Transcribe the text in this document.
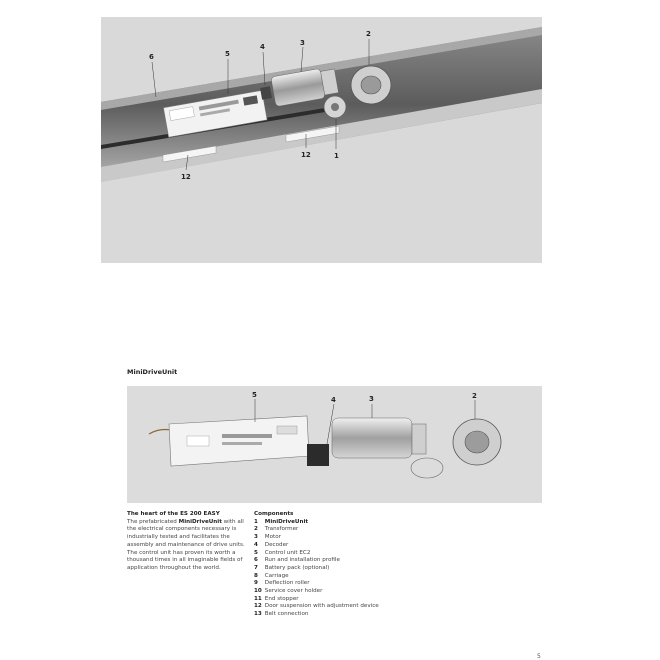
6	5
4	3
2
12	1
12
MiniDriveUnit
5
4	3	2
The heart of the ES 200 EASY
The prefabricated MiniDriveUnit with all the electrical components necessary is industrially tested and facilitates the assembly and maintenance of drive units.
The control unit has proven its worth a thousand times in all imaginable fields of application throughout the world.
Components
1 MiniDriveUnit
2 Transformer
3 Motor
4 Decoder
5 Control unit EC2
6 Run and installation profile
7 Battery pack (optional)
8 Carriage
9 Deflection roller
10 Service cover holder
11 End stopper
12 Door suspension with adjustment device
13 Belt connection
5
